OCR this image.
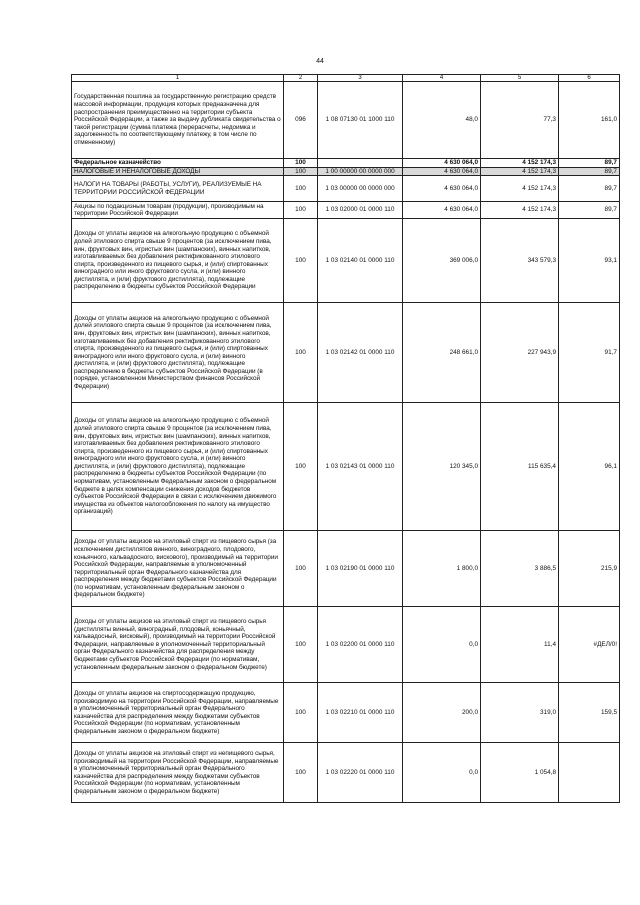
44
1	2	3	4	5	6
Государственная пошлина за государственную регистрацию средств массовой информации, продукция которых предназначена для распространения преимущественно на территории субъекта Российской Федерации, а также за выдачу дубликата свидетельства о такой регистрации (сумма платежа (перерасчеты, недоимка и задолженность по соответствующему платежу, в том числе по отмененному)	096	1 08 07130 01 1000 110	48,0	77,3	161,0
Федеральное казначейство	100		4 630 064,0	4 152 174,3	89,7
НАЛОГОВЫЕ И НЕНАЛОГОВЫЕ ДОХОДЫ	100	1 00 00000 00 0000 000	4 630 064,0	4 152 174,3	89,7
НАЛОГИ НА ТОВАРЫ (РАБОТЫ, УСЛУГИ), РЕАЛИЗУЕМЫЕ НА ТЕРРИТОРИИ РОССИЙСКОЙ ФЕДЕРАЦИИ	100	1 03 00000 00 0000 000	4 630 064,0	4 152 174,3	89,7
Акцизы по подакцизным товарам (продукции), производимым на территории Российской Федерации	100	1 03 02000 01 0000 110	4 630 064,0	4 152 174,3	89,7
Доходы от уплаты акцизов на алкогольную продукцию с объемной долей этилового спирта свыше 9 процентов (за исключением пива, вин, фруктовых вин, игристых вин (шампанских), винных напитков, изготавливаемых без добавления ректификованного этилового спирта, произведенного из пищевого сырья, и (или) спиртованных виноградного или иного фруктового сусла, и (или) винного дистиллята, и (или) фруктового дистиллята), подлежащие распределению в бюджеты субъектов Российской Федерации	100	1 03 02140 01 0000 110	369 006,0	343 579,3	93,1
Доходы от уплаты акцизов на алкогольную продукцию с объемной долей этилового спирта свыше 9 процентов (за исключением пива, вин, фруктовых вин, игристых вин (шампанских), винных напитков, изготавливаемых без добавления ректификованного этилового спирта, произведенного из пищевого сырья, и (или) спиртованных виноградного или иного фруктового сусла, и (или) винного дистиллята, и (или) фруктового дистиллята), подлежащие распределению в бюджеты субъектов Российской Федерации (в порядке, установленном Министерством финансов Российской Федерации)	100	1 03 02142 01 0000 110	248 661,0	227 943,9	91,7
Доходы от уплаты акцизов на алкогольную продукцию с объемной долей этилового спирта свыше 9 процентов (за исключением пива, вин, фруктовых вин, игристых вин (шампанских), винных напитков, изготавливаемых без добавления ректификованного этилового спирта, произведенного из пищевого сырья, и (или) спиртованных виноградного или иного фруктового сусла, и (или) винного дистиллята, и (или) фруктового дистиллята), подлежащие распределению в бюджеты субъектов Российской Федерации (по нормативам, установленным Федеральным законом о федеральном бюджете в целях компенсации снижения доходов бюджетов субъектов Российской Федерации в связи с исключением движимого имущества из объектов налогообложения по налогу на имущество организаций)	100	1 03 02143 01 0000 110	120 345,0	115 635,4	96,1
Доходы от уплаты акцизов на этиловый спирт из пищевого сырья (за исключением дистиллятов винного, виноградного, плодового, коньячного, кальвадосного, вискового), производимый на территории Российской Федерации, направляемые в уполномоченный территориальный орган Федерального казначейства для распределения между бюджетами субъектов Российской Федерации (по нормативам, установленным федеральным законом о федеральном бюджете)	100	1 03 02190 01 0000 110	1 800,0	3 886,5	215,9
Доходы от уплаты акцизов на этиловый спирт из пищевого сырья (дистилляты винный, виноградный, плодовый, коньячный, кальвадосный, висковый), производимый на территории Российской Федерации, направляемые в уполномоченный территориальный орган Федерального казначейства для распределения между бюджетами субъектов Российской Федерации (по нормативам, установленным федеральным законом о федеральном бюджете)	100	1 03 02200 01 0000 110	0,0	11,4	#ДЕЛ/0!
Доходы от уплаты акцизов на спиртосодержащую продукцию, производимую на территории Российской Федерации, направляемые в уполномоченный территориальный орган Федерального казначейства для распределения между бюджетами субъектов Российской Федерации (по нормативам, установленным федеральным законом о федеральном бюджете)	100	1 03 02210 01 0000 110	200,0	319,0	159,5
Доходы от уплаты акцизов на этиловый спирт из непищевого сырья, производимый на территории Российской Федерации, направляемые в уполномоченный территориальный орган Федерального казначейства для распределения между бюджетами субъектов Российской Федерации (по нормативам, установленным федеральным законом о федеральном бюджете)	100	1 03 02220 01 0000 110	0,0	1 054,8	
